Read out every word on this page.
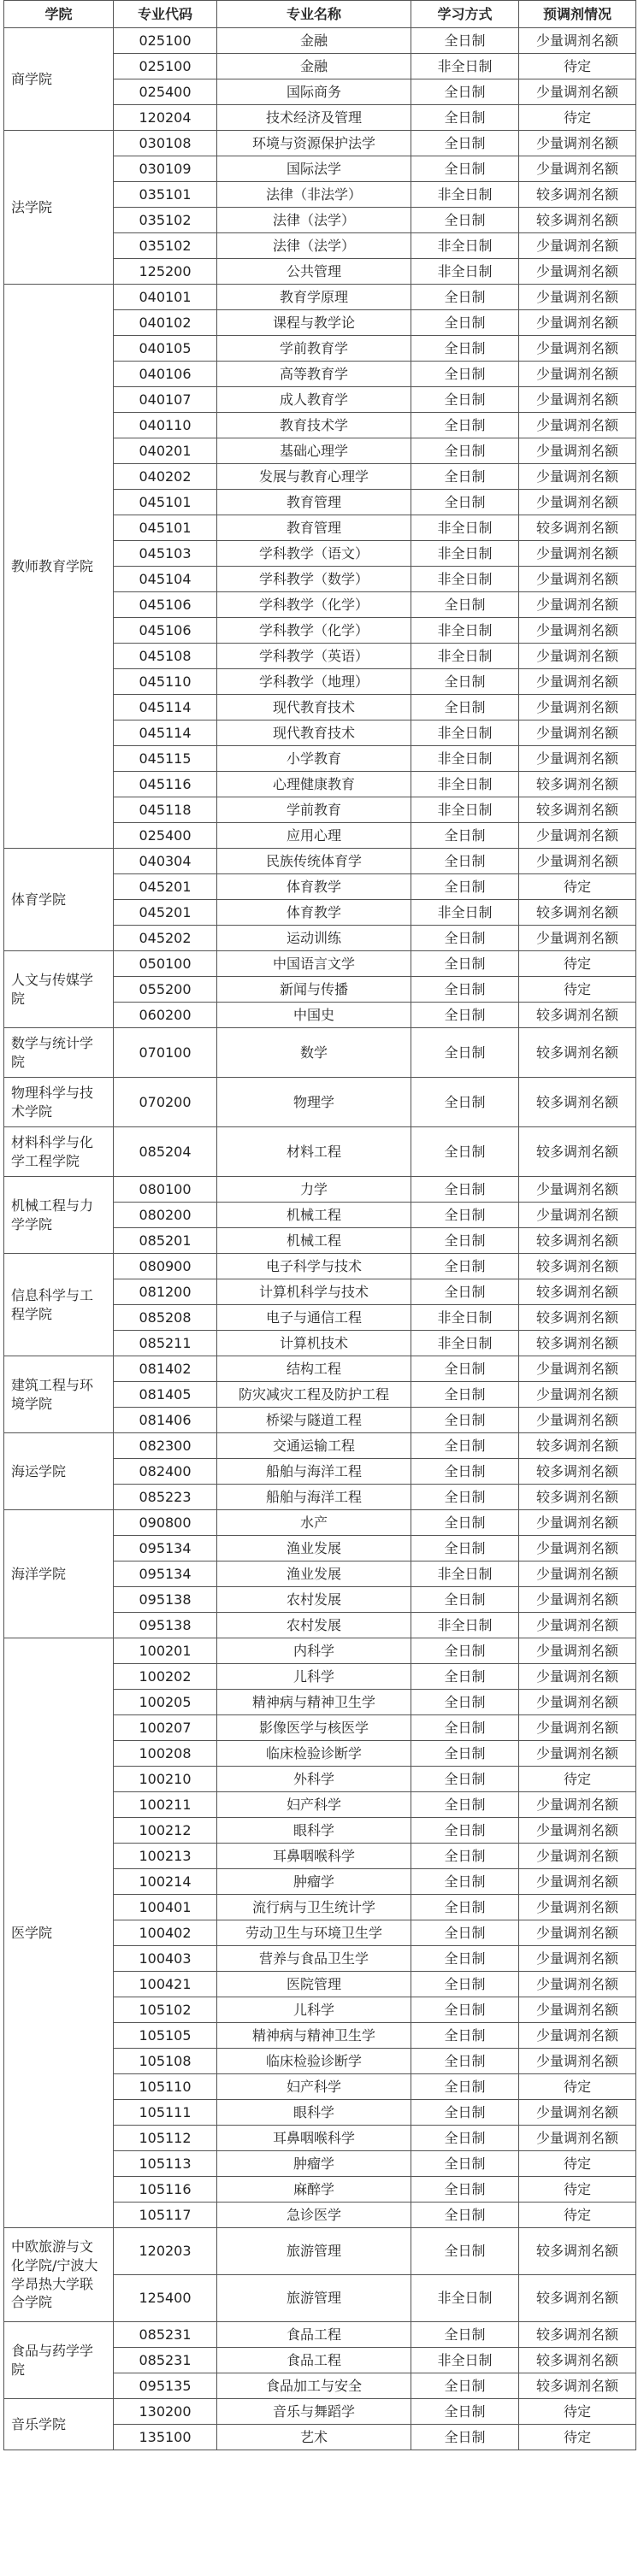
学院	专业代码	专业名称	学习方式	预调剂情况
商学院	025100	金融	全日制	少量调剂名额
	025100	金融	非全日制	待定
	025400	国际商务	全日制	少量调剂名额
	120204	技术经济及管理	全日制	待定
法学院	030108	环境与资源保护法学	全日制	少量调剂名额
	030109	国际法学	全日制	少量调剂名额
	035101	法律（非法学）	非全日制	较多调剂名额
	035102	法律（法学）	全日制	较多调剂名额
	035102	法律（法学）	非全日制	少量调剂名额
	125200	公共管理	非全日制	少量调剂名额
教师教育学院	040101	教育学原理	全日制	少量调剂名额
	040102	课程与教学论	全日制	少量调剂名额
	040105	学前教育学	全日制	少量调剂名额
	040106	高等教育学	全日制	少量调剂名额
	040107	成人教育学	全日制	少量调剂名额
	040110	教育技术学	全日制	少量调剂名额
	040201	基础心理学	全日制	少量调剂名额
	040202	发展与教育心理学	全日制	少量调剂名额
	045101	教育管理	全日制	少量调剂名额
	045101	教育管理	非全日制	较多调剂名额
	045103	学科教学（语文）	非全日制	少量调剂名额
	045104	学科教学（数学）	非全日制	少量调剂名额
	045106	学科教学（化学）	全日制	少量调剂名额
	045106	学科教学（化学）	非全日制	少量调剂名额
	045108	学科教学（英语）	非全日制	少量调剂名额
	045110	学科教学（地理）	全日制	少量调剂名额
	045114	现代教育技术	全日制	少量调剂名额
	045114	现代教育技术	非全日制	少量调剂名额
	045115	小学教育	非全日制	少量调剂名额
	045116	心理健康教育	非全日制	较多调剂名额
	045118	学前教育	非全日制	较多调剂名额
	025400	应用心理	全日制	少量调剂名额
体育学院	040304	民族传统体育学	全日制	少量调剂名额
	045201	体育教学	全日制	待定
	045201	体育教学	非全日制	较多调剂名额
	045202	运动训练	全日制	少量调剂名额
人文与传媒学院	050100	中国语言文学	全日制	待定
	055200	新闻与传播	全日制	待定
	060200	中国史	全日制	较多调剂名额
数学与统计学院	070100	数学	全日制	较多调剂名额
物理科学与技术学院	070200	物理学	全日制	较多调剂名额
材料科学与化学工程学院	085204	材料工程	全日制	较多调剂名额
机械工程与力学学院	080100	力学	全日制	少量调剂名额
	080200	机械工程	全日制	少量调剂名额
	085201	机械工程	全日制	较多调剂名额
信息科学与工程学院	080900	电子科学与技术	全日制	较多调剂名额
	081200	计算机科学与技术	全日制	较多调剂名额
	085208	电子与通信工程	非全日制	较多调剂名额
	085211	计算机技术	非全日制	较多调剂名额
建筑工程与环境学院	081402	结构工程	全日制	少量调剂名额
	081405	防灾减灾工程及防护工程	全日制	少量调剂名额
	081406	桥梁与隧道工程	全日制	少量调剂名额
海运学院	082300	交通运输工程	全日制	较多调剂名额
	082400	船舶与海洋工程	全日制	较多调剂名额
	085223	船舶与海洋工程	全日制	较多调剂名额
海洋学院	090800	水产	全日制	少量调剂名额
	095134	渔业发展	全日制	少量调剂名额
	095134	渔业发展	非全日制	少量调剂名额
	095138	农村发展	全日制	少量调剂名额
	095138	农村发展	非全日制	少量调剂名额
医学院	100201	内科学	全日制	少量调剂名额
	100202	儿科学	全日制	少量调剂名额
	100205	精神病与精神卫生学	全日制	少量调剂名额
	100207	影像医学与核医学	全日制	少量调剂名额
	100208	临床检验诊断学	全日制	少量调剂名额
	100210	外科学	全日制	待定
	100211	妇产科学	全日制	少量调剂名额
	100212	眼科学	全日制	少量调剂名额
	100213	耳鼻咽喉科学	全日制	少量调剂名额
	100214	肿瘤学	全日制	少量调剂名额
	100401	流行病与卫生统计学	全日制	少量调剂名额
	100402	劳动卫生与环境卫生学	全日制	少量调剂名额
	100403	营养与食品卫生学	全日制	少量调剂名额
	100421	医院管理	全日制	少量调剂名额
	105102	儿科学	全日制	少量调剂名额
	105105	精神病与精神卫生学	全日制	少量调剂名额
	105108	临床检验诊断学	全日制	少量调剂名额
	105110	妇产科学	全日制	待定
	105111	眼科学	全日制	少量调剂名额
	105112	耳鼻咽喉科学	全日制	少量调剂名额
	105113	肿瘤学	全日制	待定
	105116	麻醉学	全日制	待定
	105117	急诊医学	全日制	待定
中欧旅游与文化学院/宁波大学昂热大学联合学院	120203	旅游管理	全日制	较多调剂名额
	125400	旅游管理	非全日制	较多调剂名额
食品与药学学院	085231	食品工程	全日制	较多调剂名额
	085231	食品工程	非全日制	较多调剂名额
	095135	食品加工与安全	全日制	较多调剂名额
音乐学院	130200	音乐与舞蹈学	全日制	待定
	135100	艺术	全日制	待定
